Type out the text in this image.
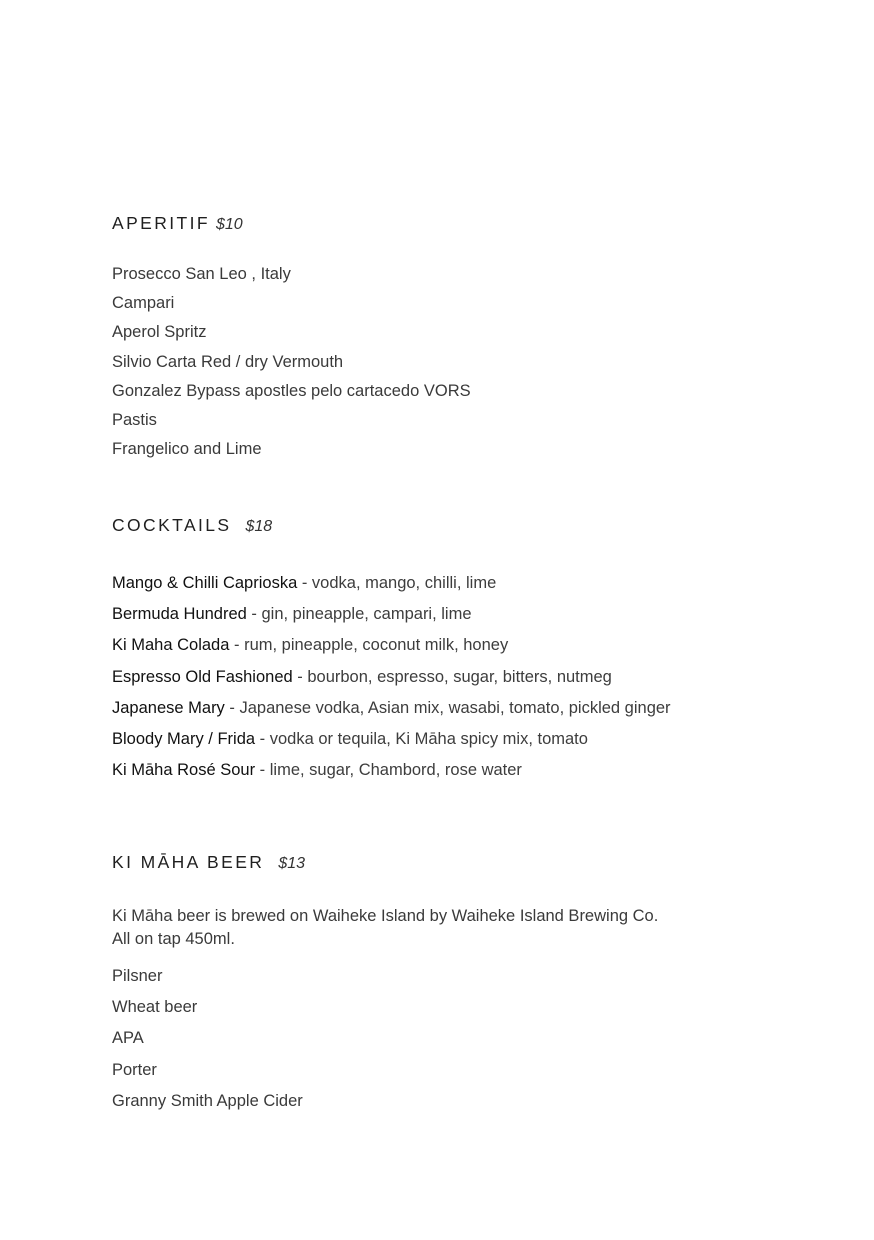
APERITIF $10
Prosecco San Leo , Italy
Campari
Aperol Spritz
Silvio Carta Red / dry Vermouth
Gonzalez Bypass apostles pelo cartacedo VORS
Pastis
Frangelico and Lime
COCKTAILS $18
Mango & Chilli Caprioska - vodka, mango, chilli, lime
Bermuda Hundred - gin, pineapple, campari, lime
Ki Maha Colada - rum, pineapple, coconut milk, honey
Espresso Old Fashioned - bourbon, espresso, sugar, bitters, nutmeg
Japanese Mary - Japanese vodka, Asian mix, wasabi, tomato, pickled ginger
Bloody Mary / Frida - vodka or tequila, Ki Māha spicy mix, tomato
Ki Māha Rosé Sour - lime, sugar, Chambord, rose water
KI MĀHA BEER $13
Ki Māha beer is brewed on Waiheke Island by Waiheke Island Brewing Co.
All on tap 450ml.
Pilsner
Wheat beer
APA
Porter
Granny Smith Apple Cider
